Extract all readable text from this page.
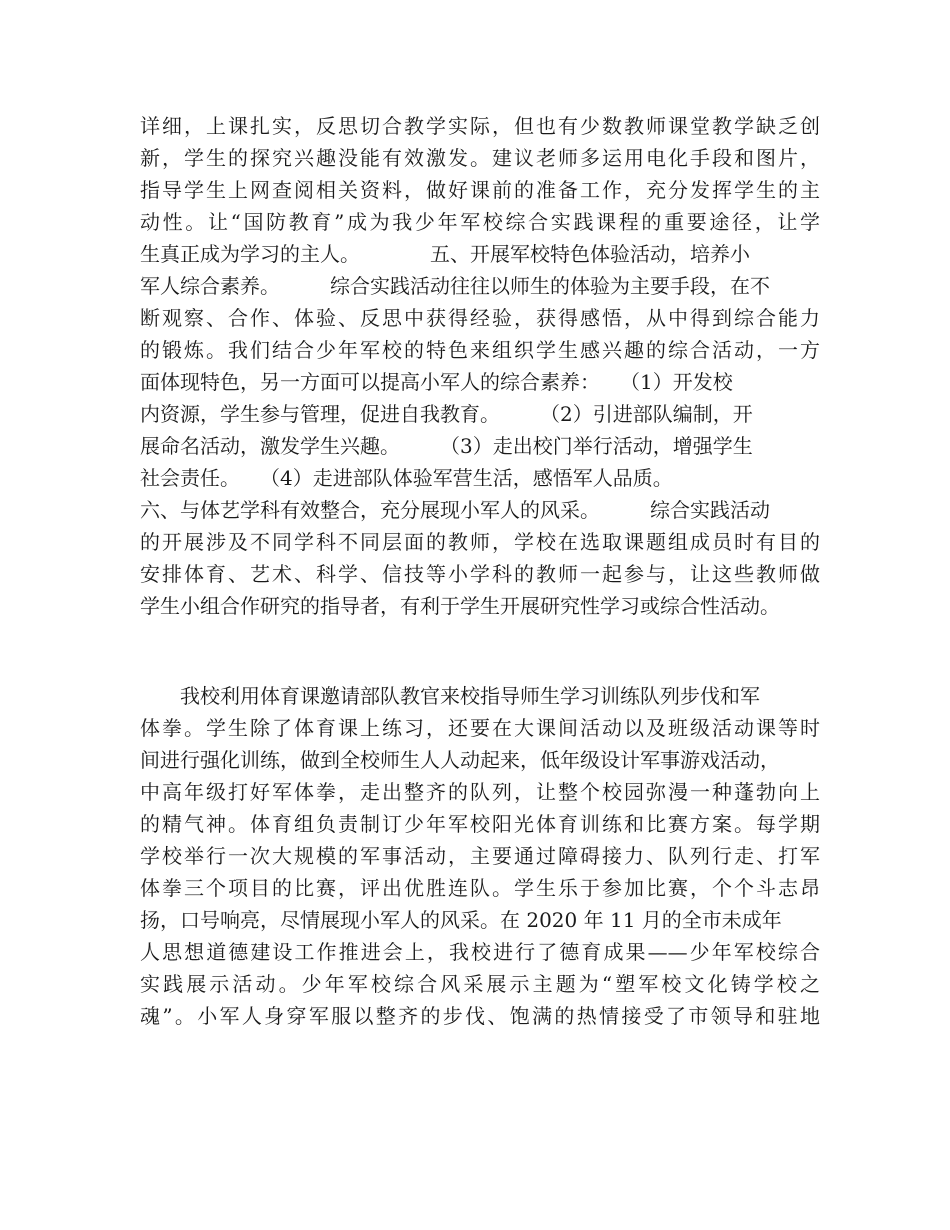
详细，上课扎实，反思切合教学实际，但也有少数教师课堂教学缺乏创
新，学生的探究兴趣没能有效激发。建议老师多运用电化手段和图片，
指导学生上网查阅相关资料，做好课前的准备工作，充分发挥学生的主
动性。让“国防教育”成为我少年军校综合实践课程的重要途径，让学
生真正成为学习的主人。　　　　五、开展军校特色体验活动，培养小
军人综合素养。　　　综合实践活动往往以师生的体验为主要手段，在不
断观察、合作、体验、反思中获得经验，获得感悟，从中得到综合能力
的锻炼。我们结合少年军校的特色来组织学生感兴趣的综合活动，一方
面体现特色，另一方面可以提高小军人的综合素养：　　（1）开发校
内资源，学生参与管理，促进自我教育。　　　（2）引进部队编制，开
展命名活动，激发学生兴趣。　　　（3）走出校门举行活动，增强学生
社会责任。　　（4）走进部队体验军营生活，感悟军人品质。
六、与体艺学科有效整合，充分展现小军人的风采。　　　综合实践活动
的开展涉及不同学科不同层面的教师，学校在选取课题组成员时有目的
安排体育、艺术、科学、信技等小学科的教师一起参与，让这些教师做
学生小组合作研究的指导者，有利于学生开展研究性学习或综合性活动。
　　我校利用体育课邀请部队教官来校指导师生学习训练队列步伐和军
体拳。学生除了体育课上练习，还要在大课间活动以及班级活动课等时
间进行强化训练，做到全校师生人人动起来，低年级设计军事游戏活动，
中高年级打好军体拳，走出整齐的队列，让整个校园弥漫一种蓬勃向上
的精气神。体育组负责制订少年军校阳光体育训练和比赛方案。每学期
学校举行一次大规模的军事活动，主要通过障碍接力、队列行走、打军
体拳三个项目的比赛，评出优胜连队。学生乐于参加比赛，个个斗志昂
扬，口号响亮，尽情展现小军人的风采。在 2020 年 11 月的全市未成年
人思想道德建设工作推进会上，我校进行了德育成果——少年军校综合
实践展示活动。少年军校综合风采展示主题为“塑军校文化铸学校之
魂”。小军人身穿军服以整齐的步伐、饱满的热情接受了市领导和驻地
